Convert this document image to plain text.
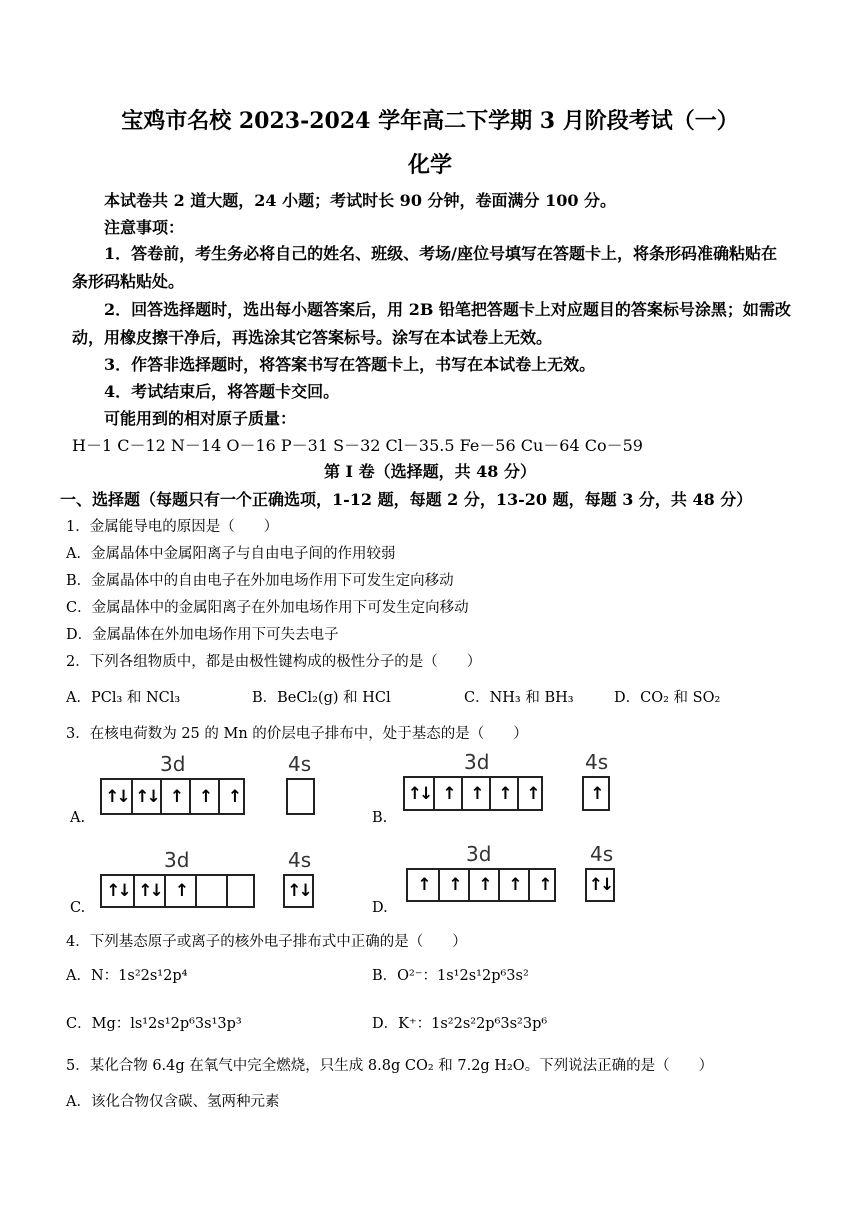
宝鸡市名校 2023-2024 学年高二下学期 3 月阶段考试（一）
化学
本试卷共 2 道大题，24 小题；考试时长 90 分钟，卷面满分 100 分。
注意事项：
1．答卷前，考生务必将自己的姓名、班级、考场/座位号填写在答题卡上，将条形码准确粘贴在条形码粘贴处。
2．回答选择题时，选出每小题答案后，用 2B 铅笔把答题卡上对应题目的答案标号涂黑；如需改动，用橡皮擦干净后，再选涂其它答案标号。涂写在本试卷上无效。
3．作答非选择题时，将答案书写在答题卡上，书写在本试卷上无效。
4．考试结束后，将答题卡交回。
可能用到的相对原子质量：
H－1 C－12 N－14 O－16 P－31 S－32 Cl－35.5 Fe－56 Cu－64 Co－59
第 I 卷（选择题，共 48 分）
一、选择题（每题只有一个正确选项，1-12 题，每题 2 分，13-20 题，每题 3 分，共 48 分）
1．金属能导电的原因是（　　）
A．金属晶体中金属阳离子与自由电子间的作用较弱
B．金属晶体中的自由电子在外加电场作用下可发生定向移动
C．金属晶体中的金属阳离子在外加电场作用下可发生定向移动
D．金属晶体在外加电场作用下可失去电子
2．下列各组物质中，都是由极性键构成的极性分子的是（　　）
A．PCl₃ 和 NCl₃	B．BeCl₂(g) 和 HCl	C．NH₃ 和 BH₃	D．CO₂ 和 SO₂
3．在核电荷数为 25 的 Mn 的价层电子排布中，处于基态的是（　　）
A.
3d	4s
↑↓ ↑↓ ↑	↑	↑
B.
3d	4s
↑↓ ↑ ↑ ↑ ↑	↑
C.
3d	4s
↑↓ ↑↓ ↑	↑↓
D.
3d	4s
↑	↑	↑	↑	↑	↑↓
4．下列基态原子或离子的核外电子排布式中正确的是（　　）
A．N：1s²2s¹2p⁴	B．O²⁻：1s¹2s¹2p⁶3s²
C．Mg：ls¹2s¹2p⁶3s¹3p³	D．K⁺：1s²2s²2p⁶3s²3p⁶
5．某化合物 6.4g 在氧气中完全燃烧，只生成 8.8g CO₂ 和 7.2g H₂O。下列说法正确的是（　　）
A．该化合物仅含碳、氢两种元素
